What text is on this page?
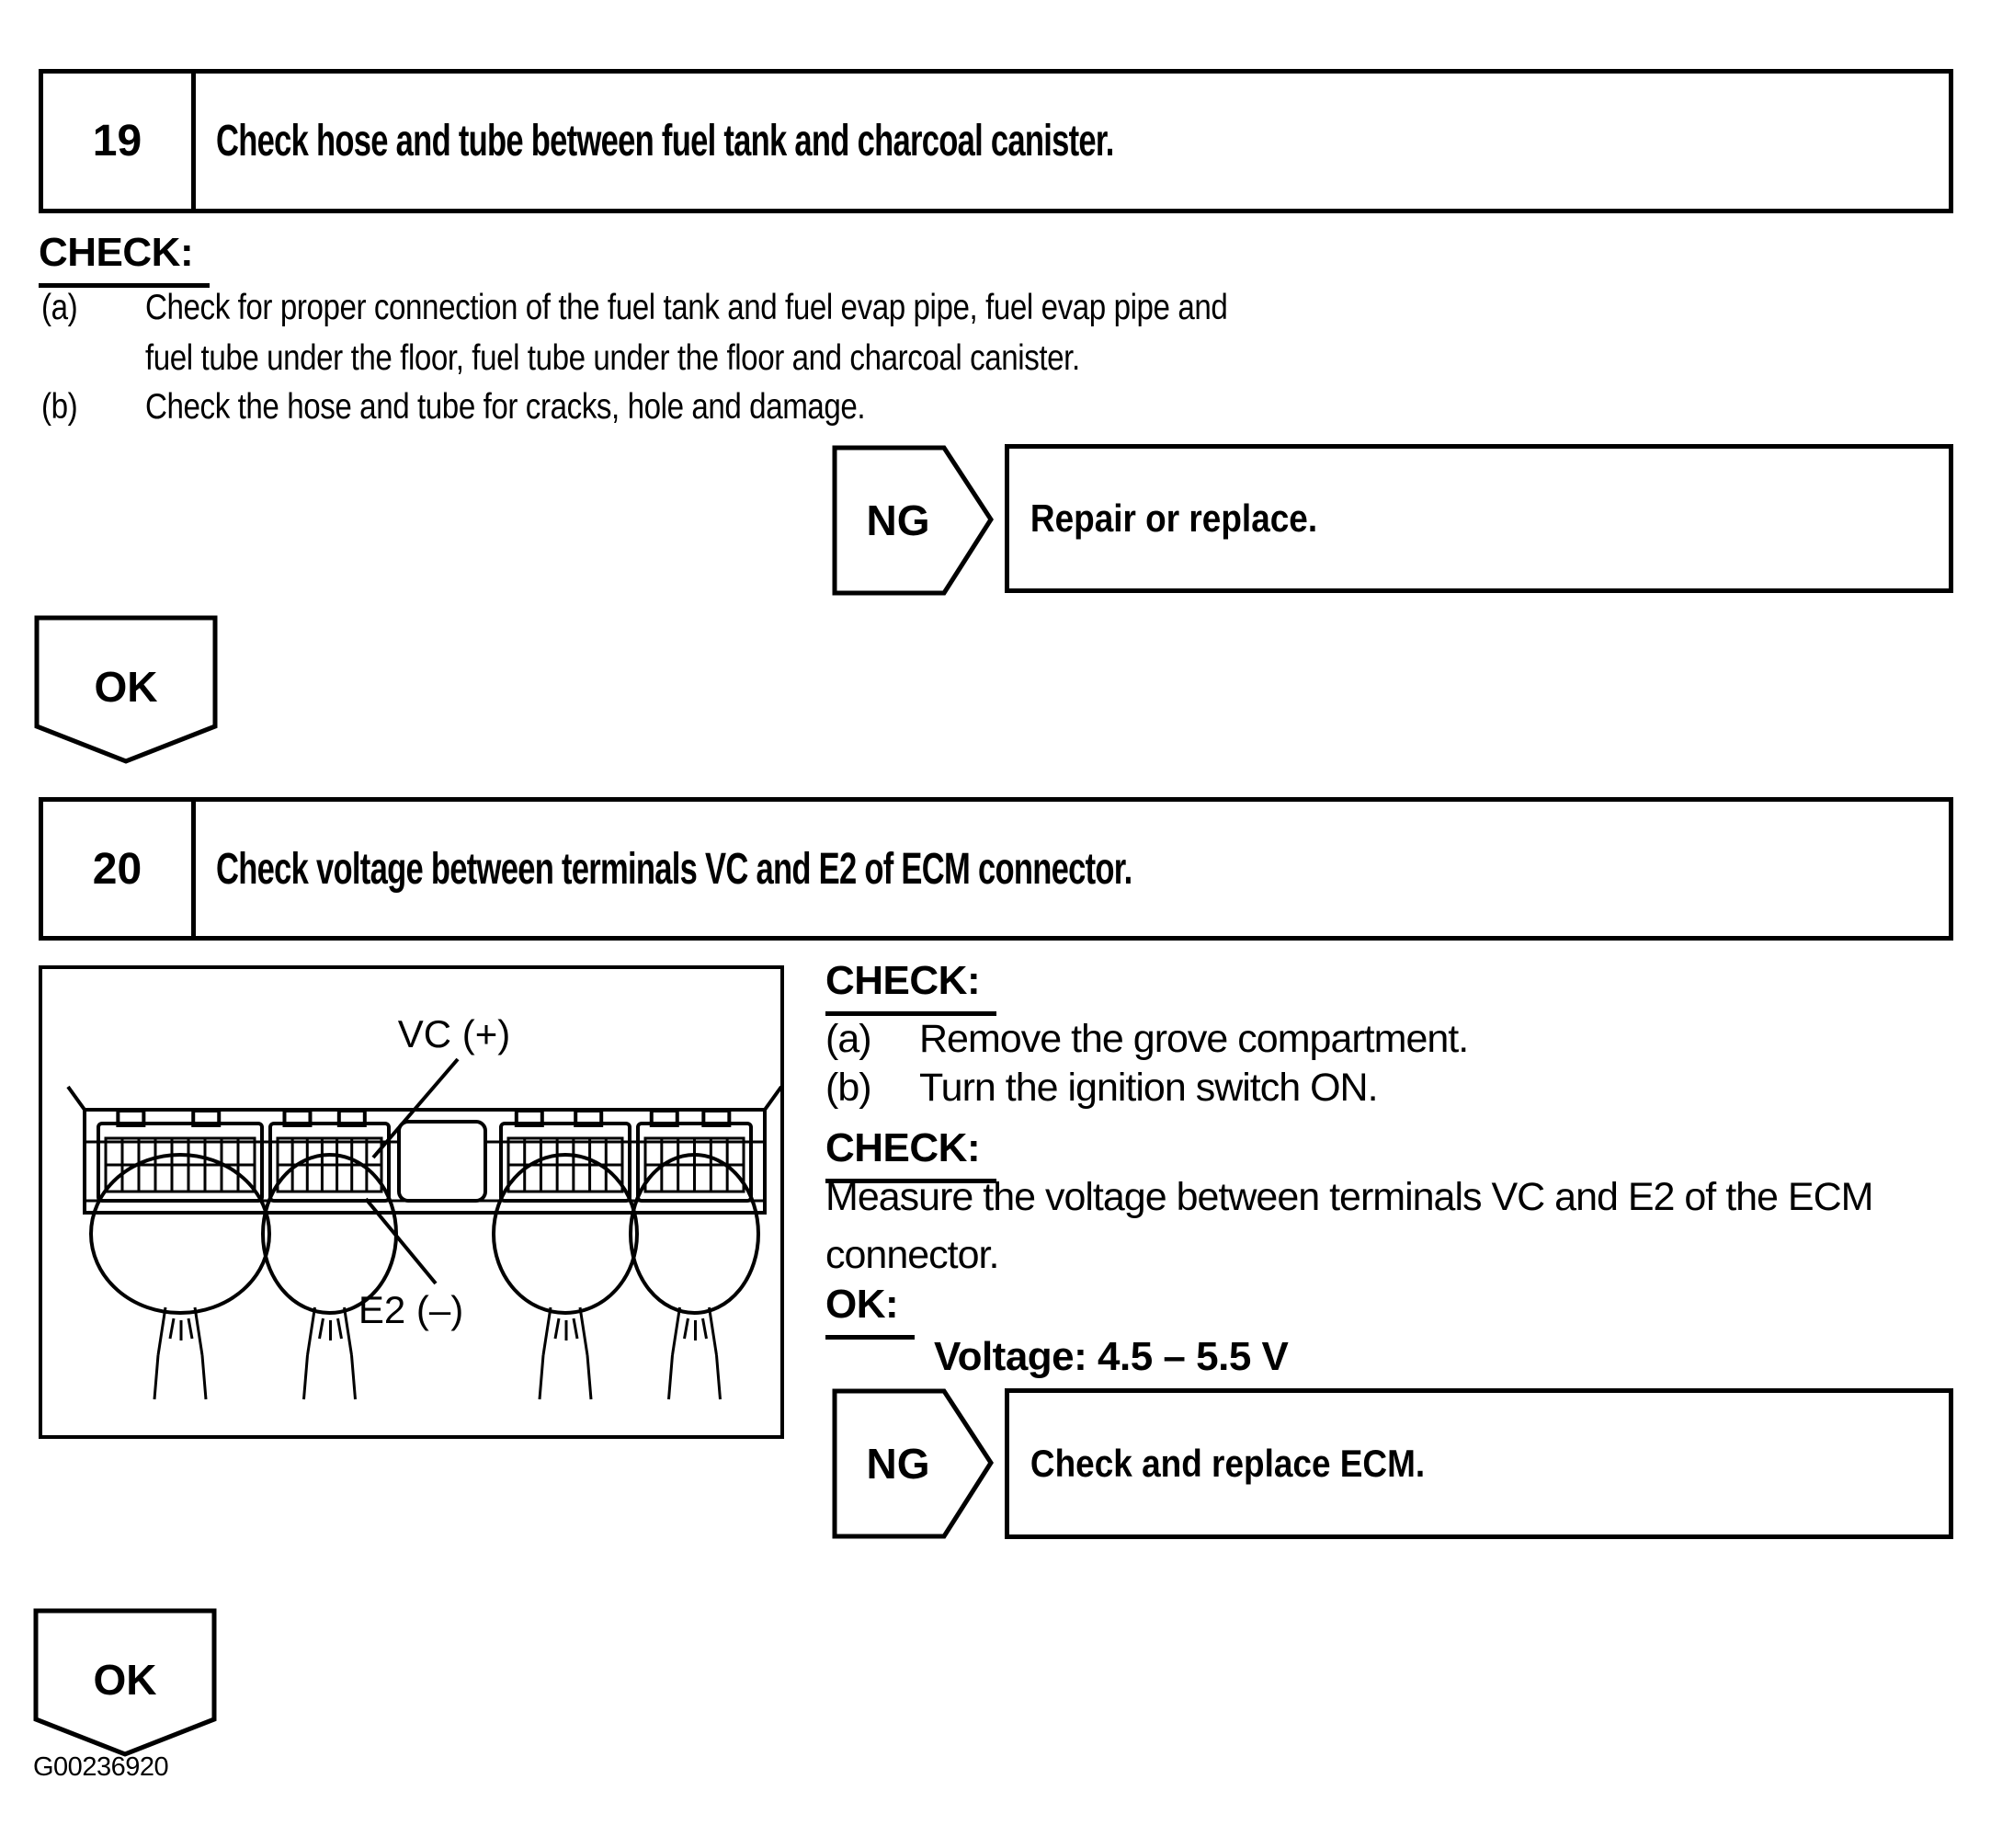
19 Check hose and tube between fuel tank and charcoal canister.
CHECK:
(a) Check for proper connection of the fuel tank and fuel evap pipe, fuel evap pipe and
fuel tube under the floor, fuel tube under the floor and charcoal canister.
(b) Check the hose and tube for cracks, hole and damage.
NG	Repair or replace.
OK
20 Check voltage between terminals VC and E2 of ECM connector.
VC (+)
E2 (–)
CHECK:
(a) Remove the grove compartment.
(b) Turn the ignition switch ON.
CHECK:
Measure the voltage between terminals VC and E2 of the ECM
connector.
OK:
Voltage: 4.5 – 5.5 V
NG	Check and replace ECM.
OK
G00236920
